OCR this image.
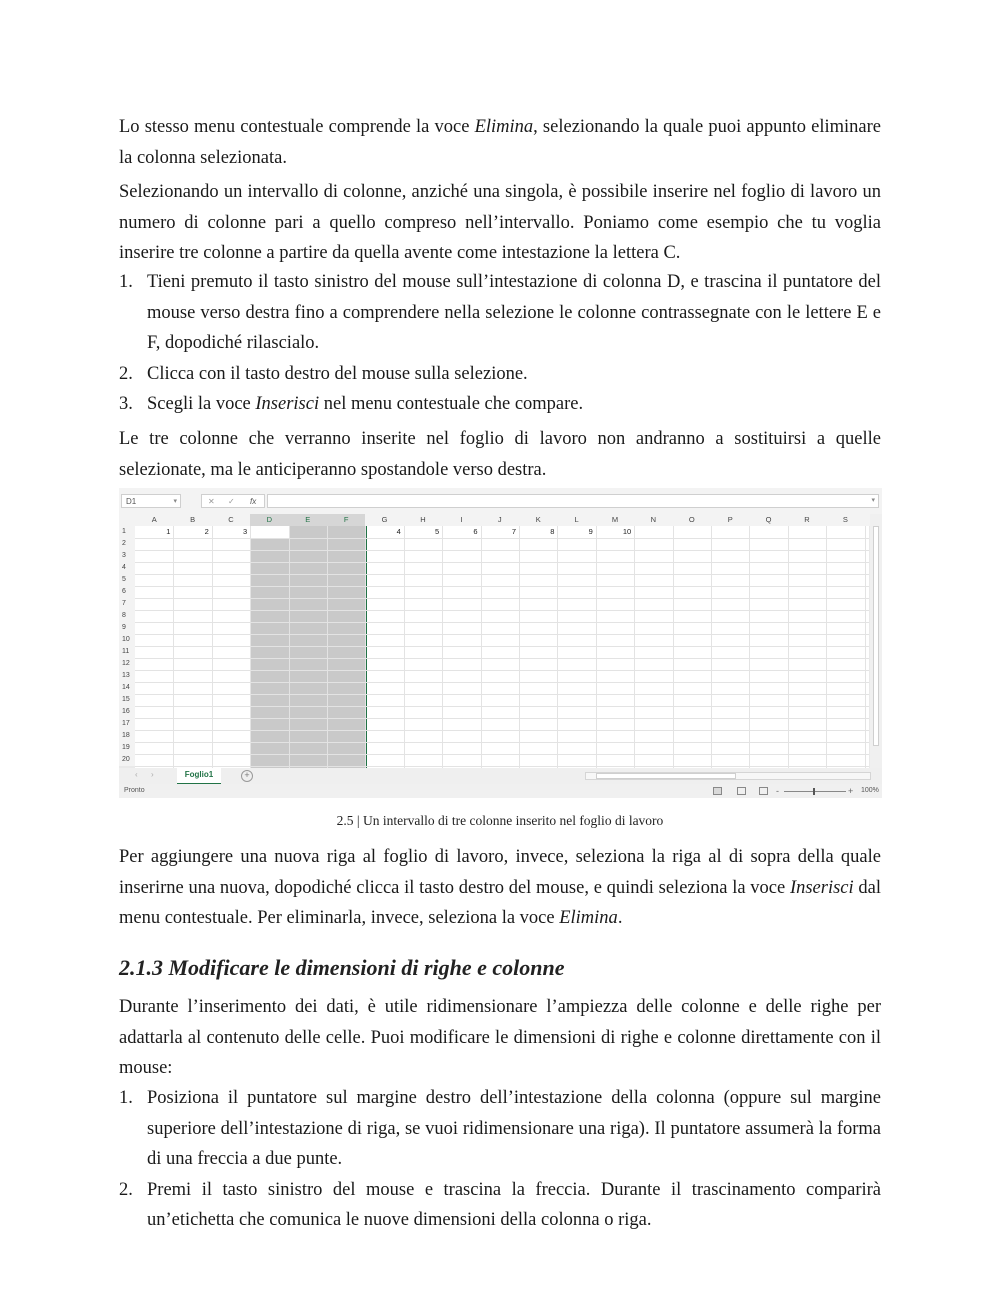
Lo stesso menu contestuale comprende la voce Elimina, selezionando la quale puoi appunto eliminare la colonna selezionata.

Selezionando un intervallo di colonne, anziché una singola, è possibile inserire nel foglio di lavoro un numero di colonne pari a quello compreso nell’intervallo. Poniamo come esempio che tu voglia inserire tre colonne a partire da quella avente come intestazione la lettera C.

1. Tieni premuto il tasto sinistro del mouse sull’intestazione di colonna D, e trascina il puntatore del mouse verso destra fino a comprendere nella selezione le colonne contrassegnate con le lettere E e F, dopodiché rilascialo.
2. Clicca con il tasto destro del mouse sulla selezione.
3. Scegli la voce Inserisci nel menu contestuale che compare.

Le tre colonne che verranno inserite nel foglio di lavoro non andranno a sostituirsi a quelle selezionate, ma le anticiperanno spostandole verso destra.

D1	▾	✕ ✓ fx	▾
A	B	C	D	E	F	G	H	I	J	K	L	M	N	O	P	Q	R	S
1
2
3
4
5
6
7
8
9
10
11
12
13
14
15
16
17
18
19
20
1	2	3	4	5	6	7	8	9	10
‹ ›	Foglio1	+
Pronto	-	+ 100%
2.5 | Un intervallo di tre colonne inserito nel foglio di lavoro

Per aggiungere una nuova riga al foglio di lavoro, invece, seleziona la riga al di sopra della quale inserirne una nuova, dopodiché clicca il tasto destro del mouse, e quindi seleziona la voce Inserisci dal menu contestuale. Per eliminarla, invece, seleziona la voce Elimina.

2.1.3 Modificare le dimensioni di righe e colonne

Durante l’inserimento dei dati, è utile ridimensionare l’ampiezza delle colonne e delle righe per adattarla al contenuto delle celle. Puoi modificare le dimensioni di righe e colonne direttamente con il mouse:

1. Posiziona il puntatore sul margine destro dell’intestazione della colonna (oppure sul margine superiore dell’intestazione di riga, se vuoi ridimensionare una riga). Il puntatore assumerà la forma di una freccia a due punte.
2. Premi il tasto sinistro del mouse e trascina la freccia. Durante il trascinamento comparirà un’etichetta che comunica le nuove dimensioni della colonna o riga.
